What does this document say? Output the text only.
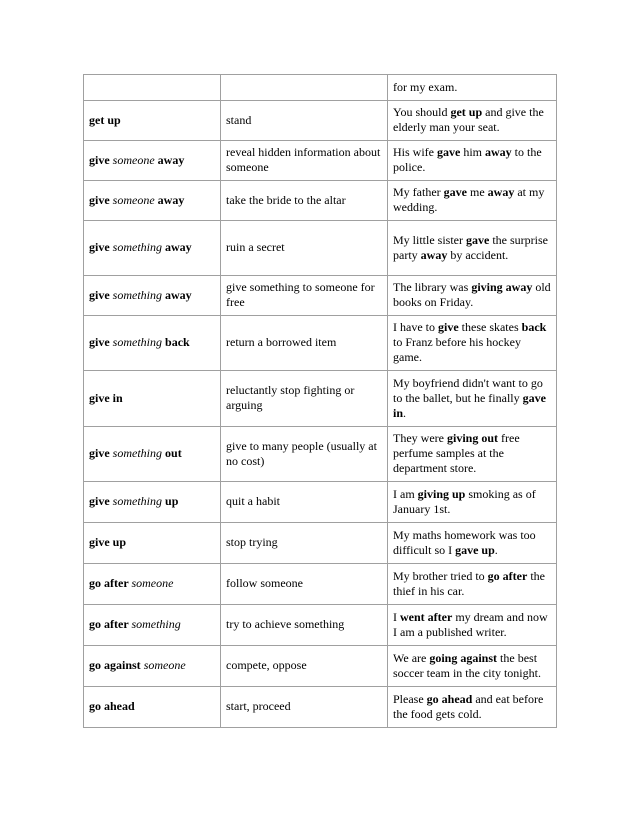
		for my exam.
get up	stand	You should get up and give the elderly man your seat.
give someone away	reveal hidden information about someone	His wife gave him away to the police.
give someone away	take the bride to the altar	My father gave me away at my wedding.
give something away	ruin a secret	My little sister gave the surprise party away by accident.
give something away	give something to someone for free	The library was giving away old books on Friday.
give something back	return a borrowed item	I have to give these skates back to Franz before his hockey game.
give in	reluctantly stop fighting or arguing	My boyfriend didn't want to go to the ballet, but he finally gave in.
give something out	give to many people (usually at no cost)	They were giving out free perfume samples at the department store.
give something up	quit a habit	I am giving up smoking as of January 1st.
give up	stop trying	My maths homework was too difficult so I gave up.
go after someone	follow someone	My brother tried to go after the thief in his car.
go after something	try to achieve something	I went after my dream and now I am a published writer.
go against someone	compete, oppose	We are going against the best soccer team in the city tonight.
go ahead	start, proceed	Please go ahead and eat before the food gets cold.
